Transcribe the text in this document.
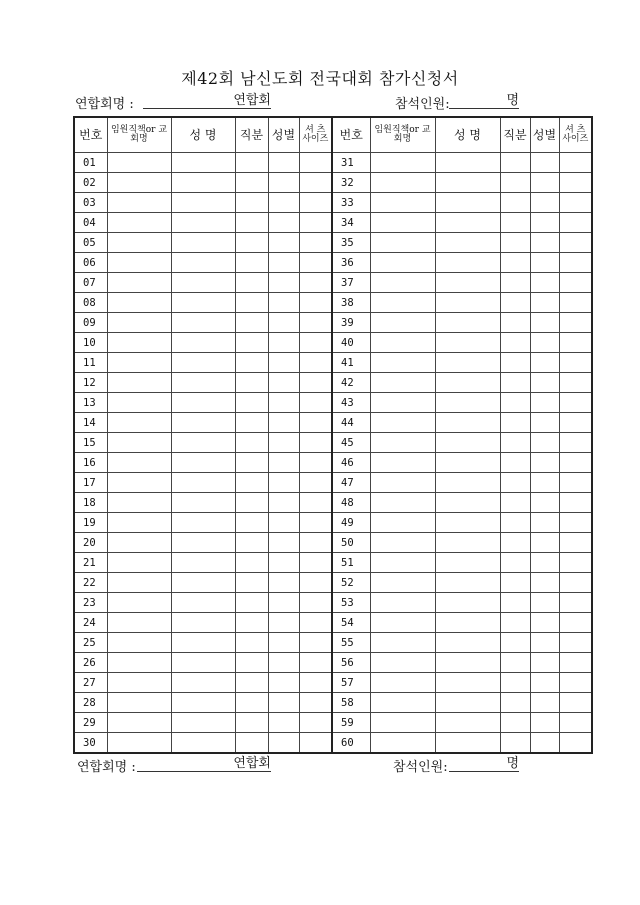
제42회 남신도회 전국대회 참가신청서
연합회명 :	연합회	참석인원:	명
번호	임원직책or 교회명	성 명	직분	성별	셔 츠 사이즈	번호	임원직책or 교회명	성 명	직분	성별	셔 츠 사이즈
01						31					
02						32					
03						33					
04						34					
05						35					
06						36					
07						37					
08						38					
09						39					
10						40					
11						41					
12						42					
13						43					
14						44					
15						45					
16						46					
17						47					
18						48					
19						49					
20						50					
21						51					
22						52					
23						53					
24						54					
25						55					
26						56					
27						57					
28						58					
29						59					
30						60					
연합회명 :	연합회	참석인원:	명
